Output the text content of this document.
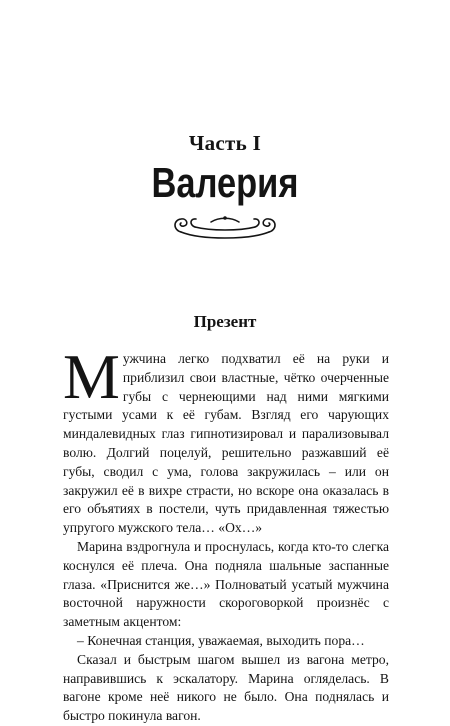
Часть I
Валерия
Презент

Мужчина легко подхватил её на руки и приблизил свои властные, чётко очерченные губы с чернеющими над ними мягкими густыми усами к её губам. Взгляд его чарующих миндалевидных глаз гипнотизировал и парализовывал волю. Долгий поцелуй, решительно разжавший её губы, сводил с ума, голова закружилась – или он закружил её в вихре страсти, но вскоре она оказалась в его объятиях в постели, чуть придавленная тяжестью упругого мужского тела… «Ох…»

Марина вздрогнула и проснулась, когда кто-то слегка коснулся её плеча. Она подняла шальные заспанные глаза. «Приснится же…» Полноватый усатый мужчина восточной наружности скороговоркой произнёс с заметным акцентом:

– Конечная станция, уважаемая, выходить пора…

Сказал и быстрым шагом вышел из вагона метро, направившись к эскалатору. Марина огляделась. В вагоне кроме неё никого не было. Она поднялась и быстро покинула вагон.
